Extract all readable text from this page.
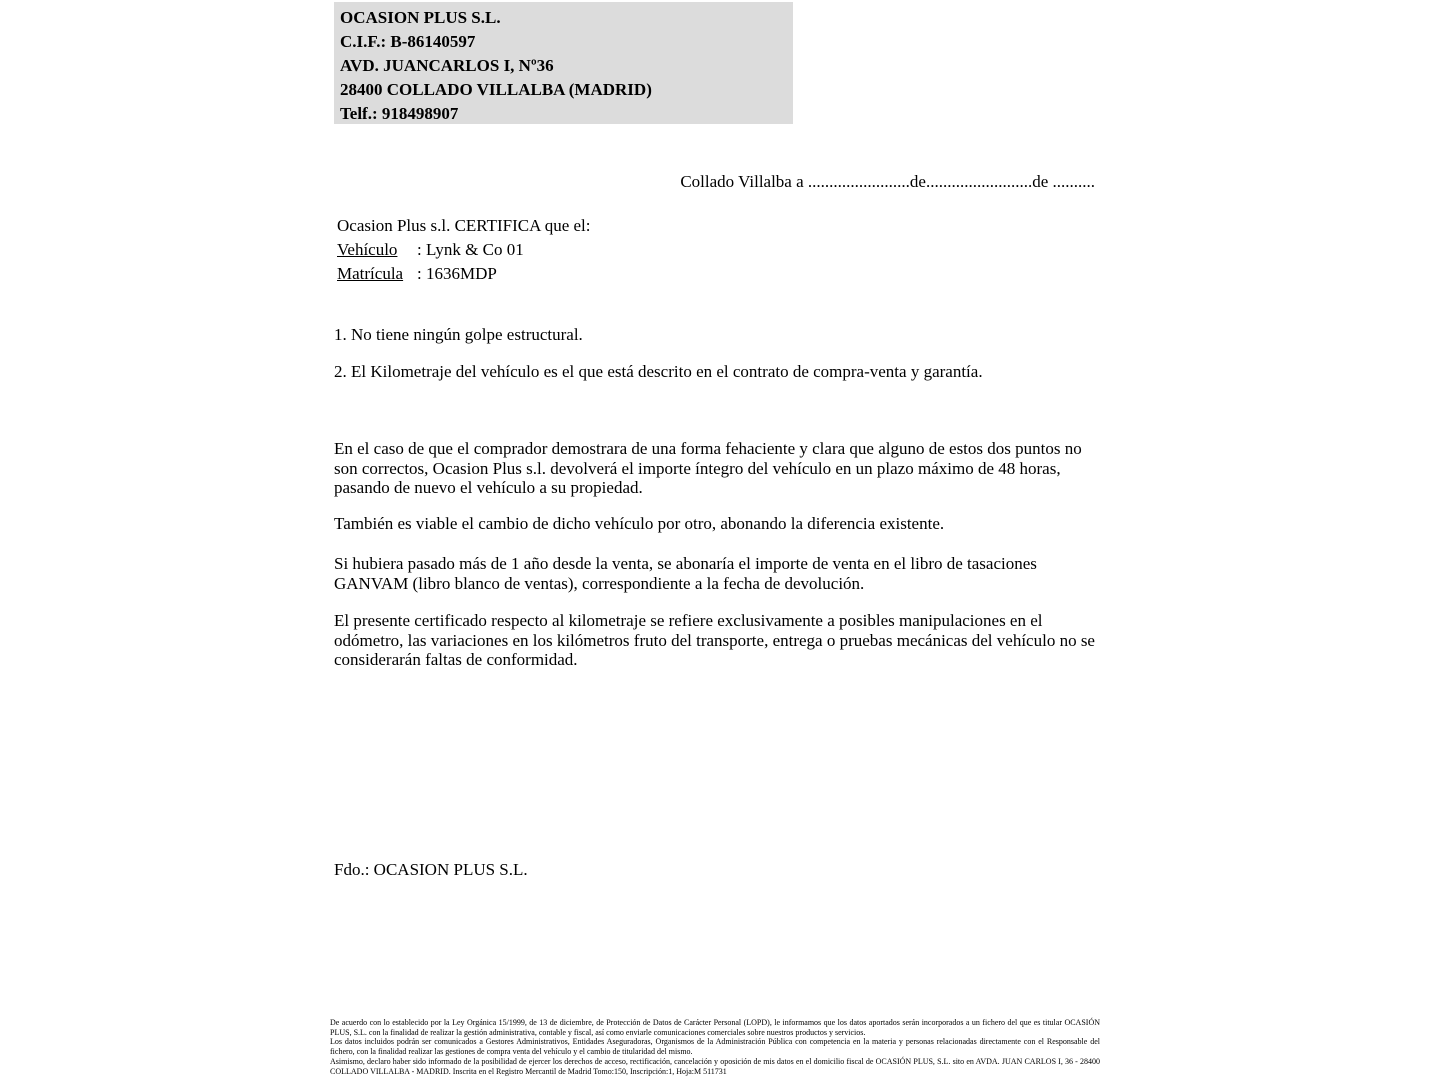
OCASION PLUS S.L.
C.I.F.: B-86140597
AVD. JUANCARLOS I, Nº36
28400 COLLADO VILLALBA (MADRID)
Telf.: 918498907
Collado Villalba a ........................de.........................de ..........
Ocasion Plus s.l. CERTIFICA que el:
Vehículo : Lynk & Co 01
Matrícula : 1636MDP
1. No tiene ningún golpe estructural.
2. El Kilometraje del vehículo es el que está descrito en el contrato de compra-venta y garantía.
En el caso de que el comprador demostrara de una forma fehaciente y clara que alguno de estos dos puntos no son correctos, Ocasion Plus s.l. devolverá el importe íntegro del vehículo en un plazo máximo de 48 horas, pasando de nuevo el vehículo a su propiedad.
También es viable el cambio de dicho vehículo por otro, abonando la diferencia existente.
Si hubiera pasado más de 1 año desde la venta, se abonaría el importe de venta en el libro de tasaciones GANVAM (libro blanco de ventas), correspondiente a la fecha de devolución.
El presente certificado respecto al kilometraje se refiere exclusivamente a posibles manipulaciones en el odómetro, las variaciones en los kilómetros fruto del transporte, entrega o pruebas mecánicas del vehículo no se considerarán faltas de conformidad.
Fdo.: OCASION PLUS S.L.

De acuerdo con lo establecido por la Ley Orgánica 15/1999, de 13 de diciembre, de Protección de Datos de Carácter Personal (LOPD), le informamos que los datos aportados serán incorporados a un fichero del que es titular OCASIÓN PLUS, S.L. con la finalidad de realizar la gestión administrativa, contable y fiscal, así como enviarle comunicaciones comerciales sobre nuestros productos y servicios.

Los datos incluidos podrán ser comunicados a Gestores Administrativos, Entidades Aseguradoras, Organismos de la Administración Pública con competencia en la materia y personas relacionadas directamente con el Responsable del fichero, con la finalidad realizar las gestiones de compra venta del vehículo y el cambio de titularidad del mismo.

Asimismo, declaro haber sido informado de la posibilidad de ejercer los derechos de acceso, rectificación, cancelación y oposición de mis datos en el domicilio fiscal de OCASIÓN PLUS, S.L. sito en AVDA. JUAN CARLOS I, 36 - 28400 COLLADO VILLALBA - MADRID. Inscrita en el Registro Mercantil de Madrid Tomo:150, Inscripción:1, Hoja:M 511731
